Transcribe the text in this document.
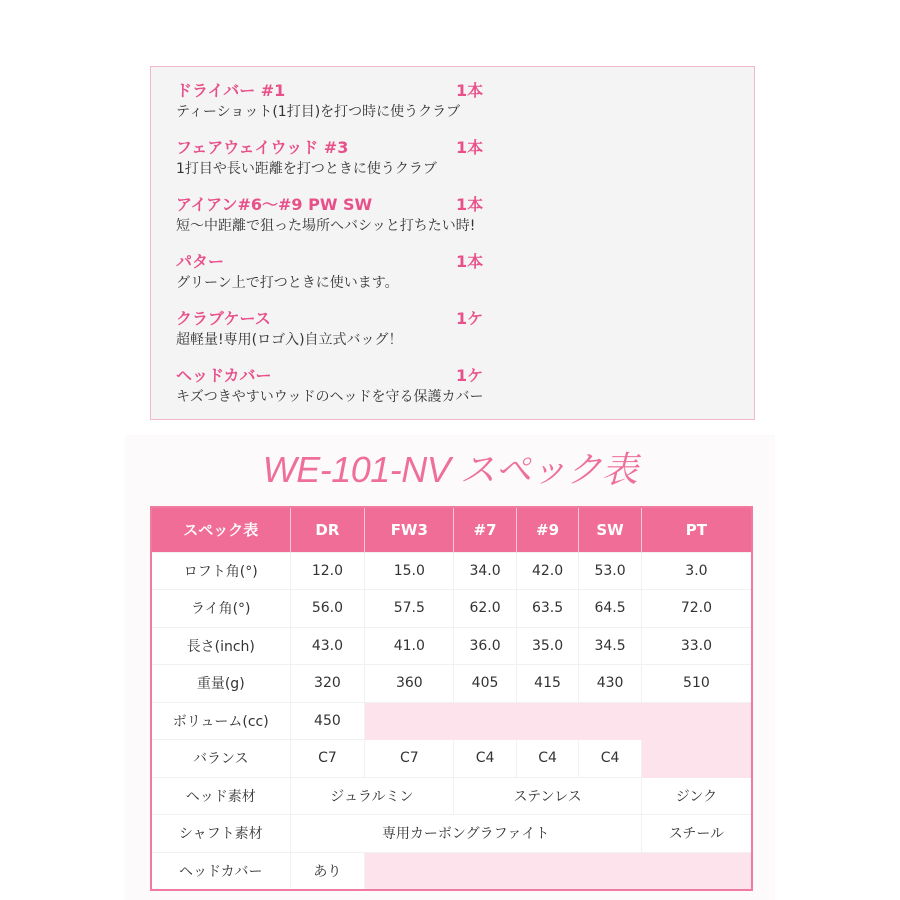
ドライバー #1	1本
ティーショット(1打目)を打つ時に使うクラブ
フェアウェイウッド #3	1本
1打目や長い距離を打つときに使うクラブ
アイアン#6～#9 PW SW	1本
短～中距離で狙った場所へバシッと打ちたい時!
パター	1本
グリーン上で打つときに使います。
クラブケース	1ケ
超軽量!専用(ロゴ入)自立式バッグ！
ヘッドカバー	1ケ
キズつきやすいウッドのヘッドを守る保護カバー
WE-101-NV スペック表
スペック表	DR	FW3	#7	#9	SW	PT
ロフト角(°)	12.0	15.0	34.0	42.0	53.0	3.0
ライ角(°)	56.0	57.5	62.0	63.5	64.5	72.0
長さ(inch)	43.0	41.0	36.0	35.0	34.5	33.0
重量(g)	320	360	405	415	430	510
ボリューム(cc)	450					
バランス	C7	C7	C4	C4	C4	
ヘッド素材	ジュラルミン		ステンレス			ジンク
シャフト素材	専用カーボングラファイト					スチール
ヘッドカバー	あり					
